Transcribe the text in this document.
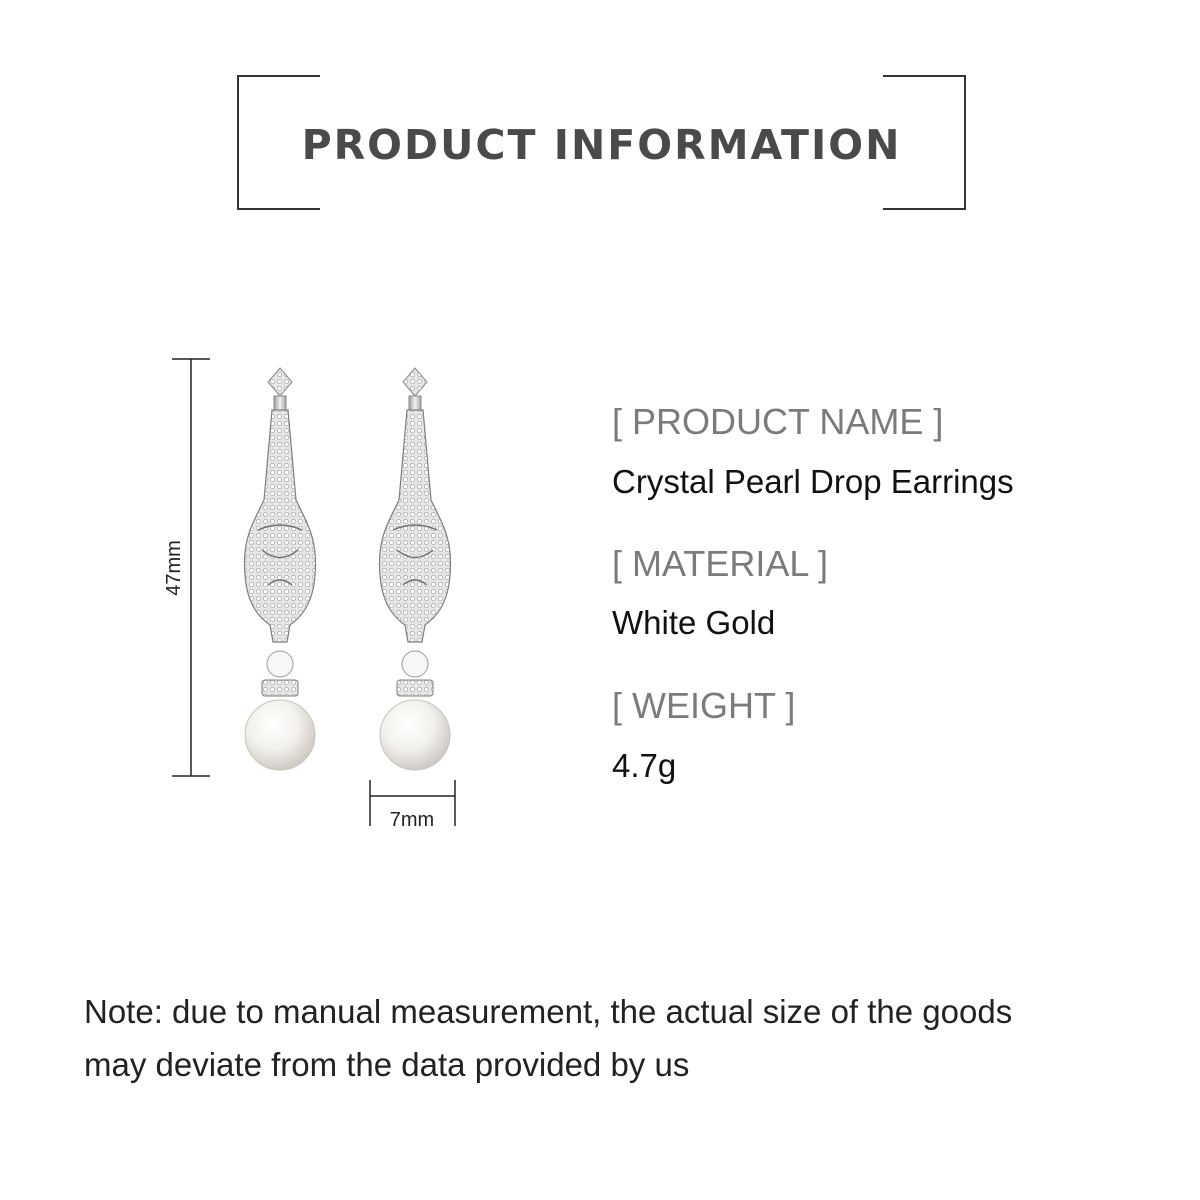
PRODUCT INFORMATION
47mm
7mm
[ PRODUCT NAME ]
Crystal Pearl Drop Earrings
[ MATERIAL ]
White Gold
[ WEIGHT ]
4.7g
Note: due to manual measurement, the actual size of the goods
may deviate from the data provided by us
